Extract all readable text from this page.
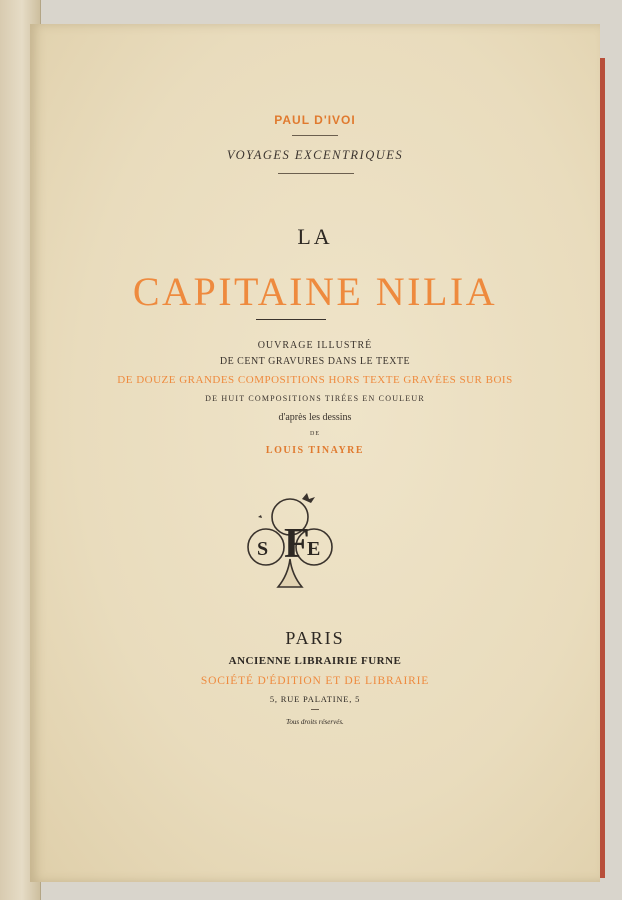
PAUL D'IVOI
VOYAGES EXCENTRIQUES
LA
CAPITAINE NILIA
OUVRAGE ILLUSTRÉ
DE CENT GRAVURES DANS LE TEXTE
DE DOUZE GRANDES COMPOSITIONS HORS TEXTE GRAVÉES SUR BOIS
DE HUIT COMPOSITIONS TIRÉES EN COULEUR
d'après les dessins
DE
LOUIS TINAYRE
F
S E
PARIS
ANCIENNE LIBRAIRIE FURNE
SOCIÉTÉ D'ÉDITION ET DE LIBRAIRIE
5, RUE PALATINE, 5
Tous droits réservés.
